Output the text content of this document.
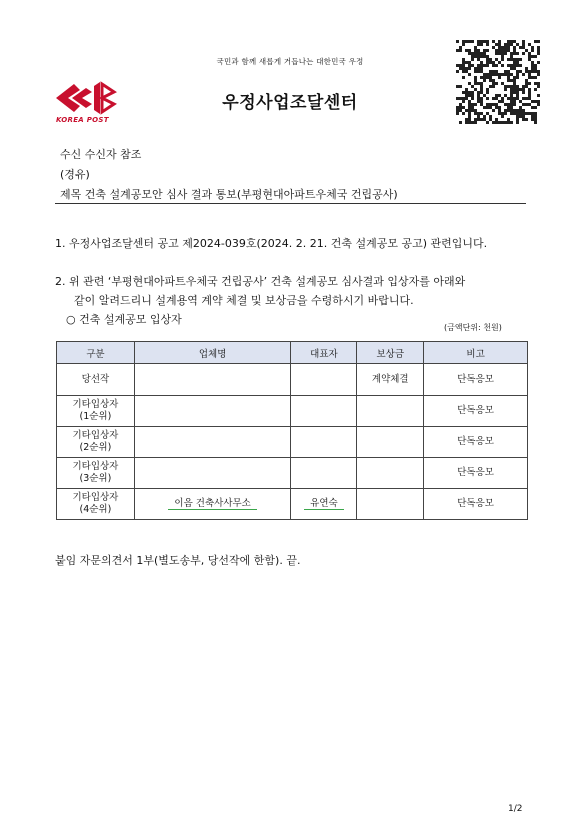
국민과 함께 새롭게 거듭나는 대한민국 우정
KOREA POST
우정사업조달센터
수신 수신자 참조
(경유)
제목 건축 설계공모안 심사 결과 통보(부평현대아파트우체국 건립공사)
1. 우정사업조달센터 공고 제2024-039호(2024. 2. 21. 건축 설계공모 공고) 관련입니다.
2. 위 관련 ‘부평현대아파트우체국 건립공사’ 건축 설계공모 심사결과 입상자를 아래와
같이 알려드리니 설계용역 계약 체결 및 보상금을 수령하시기 바랍니다.
○ 건축 설계공모 입상자
(금액단위: 천원)
구분	업체명	대표자	보상금	비고
당선작			계약체결	단독응모
기타입상자
(1순위)				단독응모
기타입상자
(2순위)				단독응모
기타입상자
(3순위)				단독응모
기타입상자
(4순위)	이음 건축사사무소	유연숙		단독응모
붙임 자문의견서 1부(별도송부, 당선작에 한함). 끝.
1/2
